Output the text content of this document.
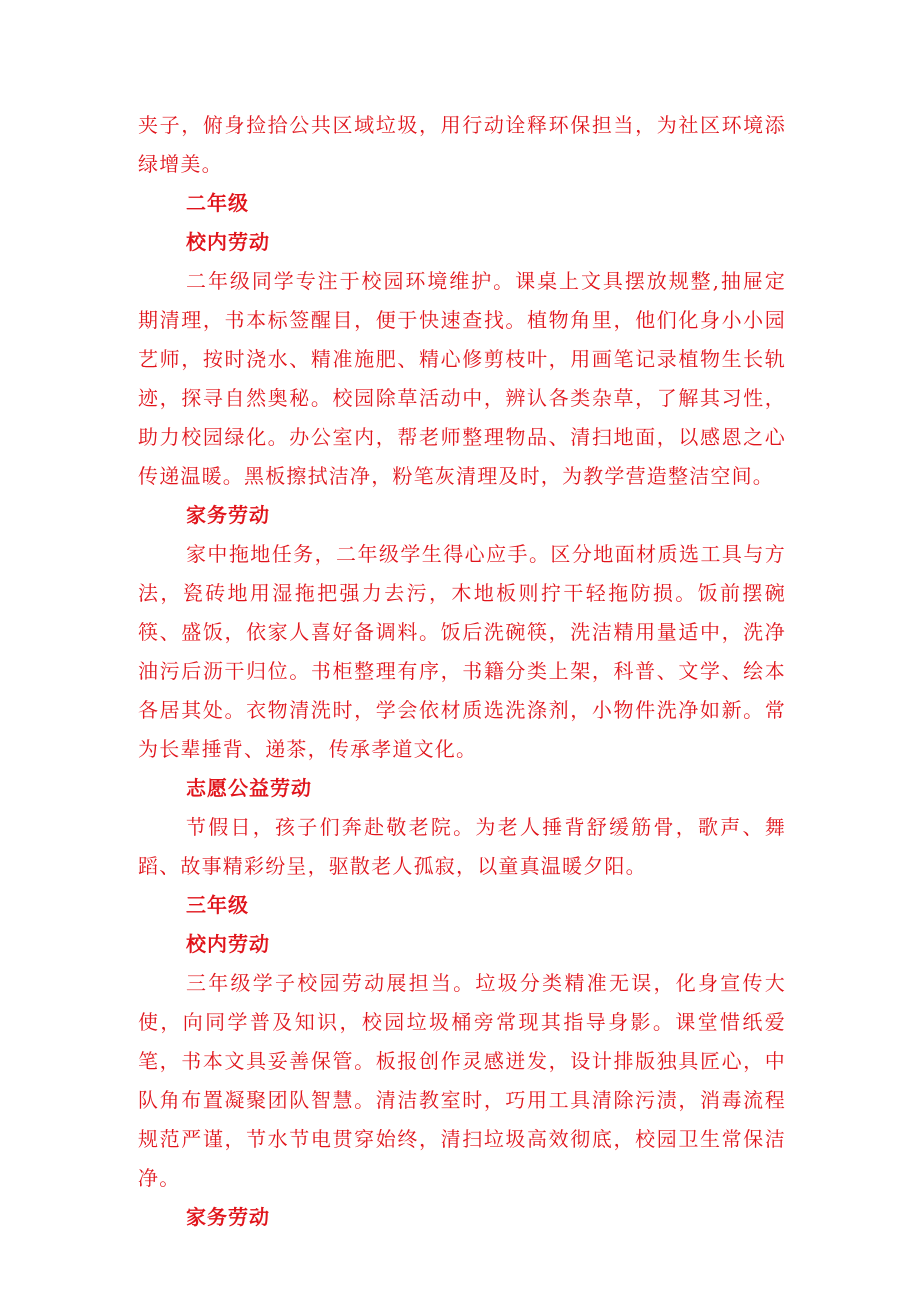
夹子，俯身捡拾公共区域垃圾，用行动诠释环保担当，为社区环境添绿增美。

二年级

校内劳动

二年级同学专注于校园环境维护。课桌上文具摆放规整,抽屉定期清理，书本标签醒目，便于快速查找。植物角里，他们化身小小园艺师，按时浇水、精准施肥、精心修剪枝叶，用画笔记录植物生长轨迹，探寻自然奥秘。校园除草活动中，辨认各类杂草，了解其习性，助力校园绿化。办公室内，帮老师整理物品、清扫地面，以感恩之心传递温暖。黑板擦拭洁净，粉笔灰清理及时，为教学营造整洁空间。

家务劳动

家中拖地任务，二年级学生得心应手。区分地面材质选工具与方法，瓷砖地用湿拖把强力去污，木地板则拧干轻拖防损。饭前摆碗筷、盛饭，依家人喜好备调料。饭后洗碗筷，洗洁精用量适中，洗净油污后沥干归位。书柜整理有序，书籍分类上架，科普、文学、绘本各居其处。衣物清洗时，学会依材质选洗涤剂，小物件洗净如新。常为长辈捶背、递茶，传承孝道文化。

志愿公益劳动

节假日，孩子们奔赴敬老院。为老人捶背舒缓筋骨，歌声、舞蹈、故事精彩纷呈，驱散老人孤寂，以童真温暖夕阳。

三年级

校内劳动

三年级学子校园劳动展担当。垃圾分类精准无误，化身宣传大使，向同学普及知识，校园垃圾桶旁常现其指导身影。课堂惜纸爱笔，书本文具妥善保管。板报创作灵感迸发，设计排版独具匠心，中队角布置凝聚团队智慧。清洁教室时，巧用工具清除污渍，消毒流程规范严谨，节水节电贯穿始终，清扫垃圾高效彻底，校园卫生常保洁净。

家务劳动
